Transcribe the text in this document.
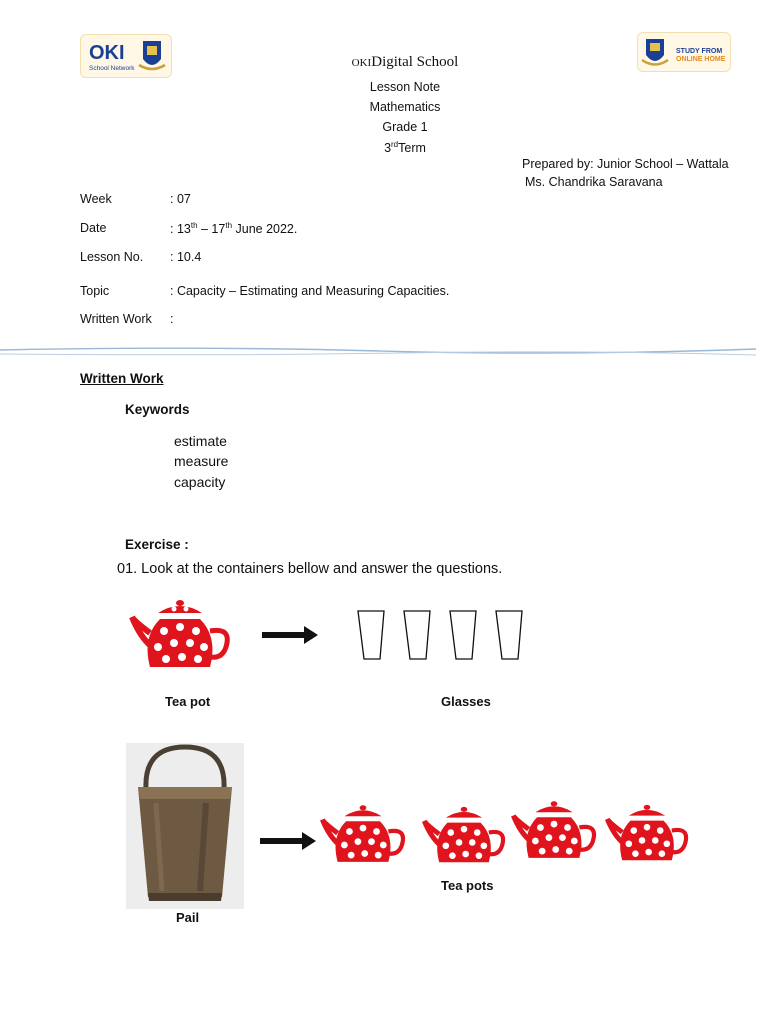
OKI
School Network
STUDY FROM
ONLINE HOME
OKIDigital School
Lesson Note
Mathematics
Grade 1
3rdTerm
Prepared by: Junior School – Wattala
Ms. Chandrika Saravana
Week	: 07
Date	: 13th – 17th June 2022.
Lesson No. : 10.4
Topic	: Capacity – Estimating and Measuring Capacities.
Written Work :
Written Work
Keywords
estimate
measure
capacity
Exercise :
01. Look at the containers bellow and answer the questions.
Tea pot	Glasses
Tea pots
Pail
